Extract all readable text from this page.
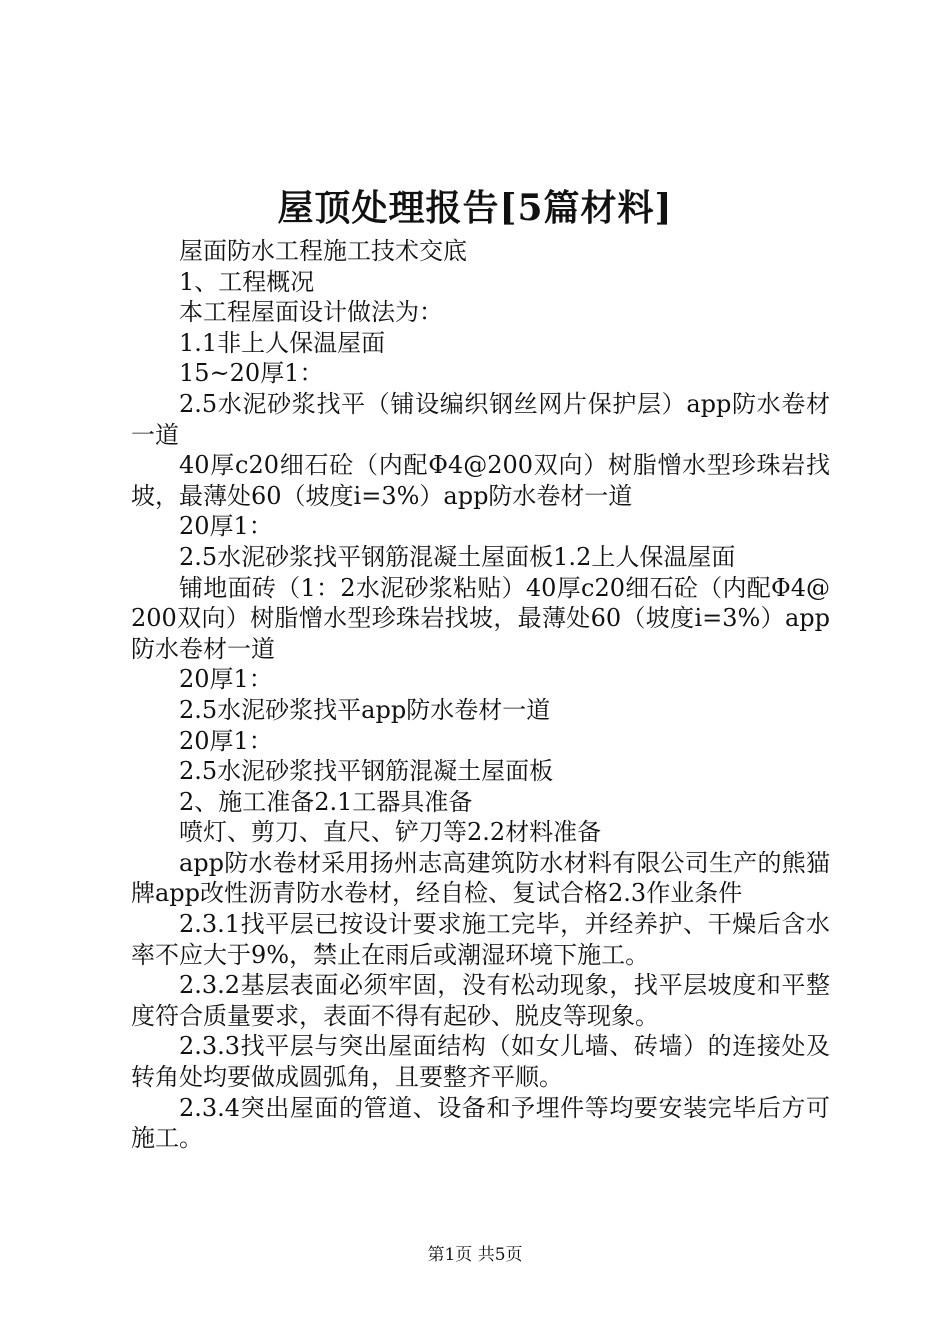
屋顶处理报告[5篇材料]

屋面防水工程施工技术交底

1、工程概况

本工程屋面设计做法为：

1.1非上人保温屋面

15~20厚1：

2.5水泥砂浆找平（铺设编织钢丝网片保护层）app防水卷材一道

40厚c20细石砼（内配Φ4@200双向）树脂憎水型珍珠岩找坡，最薄处60（坡度i=3%）app防水卷材一道

20厚1：

2.5水泥砂浆找平钢筋混凝土屋面板1.2上人保温屋面

铺地面砖（1：2水泥砂浆粘贴）40厚c20细石砼（内配Φ4@200双向）树脂憎水型珍珠岩找坡，最薄处60（坡度i=3%）app防水卷材一道

20厚1：

2.5水泥砂浆找平app防水卷材一道

20厚1：

2.5水泥砂浆找平钢筋混凝土屋面板

2、施工准备2.1工器具准备

喷灯、剪刀、直尺、铲刀等2.2材料准备

app防水卷材采用扬州志高建筑防水材料有限公司生产的熊猫牌app改性沥青防水卷材，经自检、复试合格2.3作业条件

2.3.1找平层已按设计要求施工完毕，并经养护、干燥后含水率不应大于9%，禁止在雨后或潮湿环境下施工。

2.3.2基层表面必须牢固，没有松动现象，找平层坡度和平整度符合质量要求，表面不得有起砂、脱皮等现象。

2.3.3找平层与突出屋面结构（如女儿墙、砖墙）的连接处及转角处均要做成圆弧角，且要整齐平顺。

2.3.4突出屋面的管道、设备和予埋件等均要安装完毕后方可施工。

第1页 共5页
